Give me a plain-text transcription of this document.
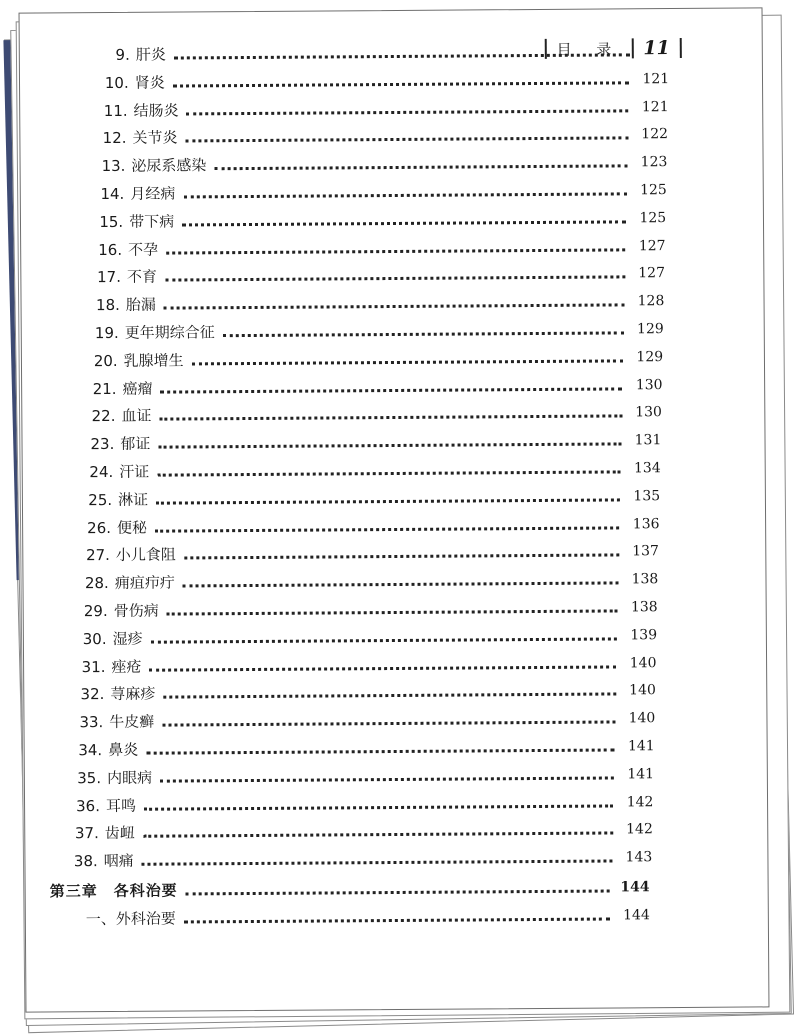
目 录 11
第三章　各科治要	144
一、外科治要	144
9. 肝炎
10. 肾炎	121
11. 结肠炎	121
12. 关节炎	122
13. 泌尿系感染	123
14. 月经病	125
15. 带下病	125
16. 不孕	127
17. 不育	127
18. 胎漏	128
19. 更年期综合征	129
20. 乳腺增生	129
21. 癌瘤	130
22. 血证	130
23. 郁证	131
24. 汗证	134
25. 淋证	135
26. 便秘	136
27. 小儿食阻	137
28. 痈疽疖疔	138
29. 骨伤病	138
30. 湿疹	139
31. 痤疮	140
32. 荨麻疹	140
33. 牛皮癣	140
34. 鼻炎	141
35. 内眼病	141
36. 耳鸣	142
37. 齿衄	142
38. 咽痛	143
